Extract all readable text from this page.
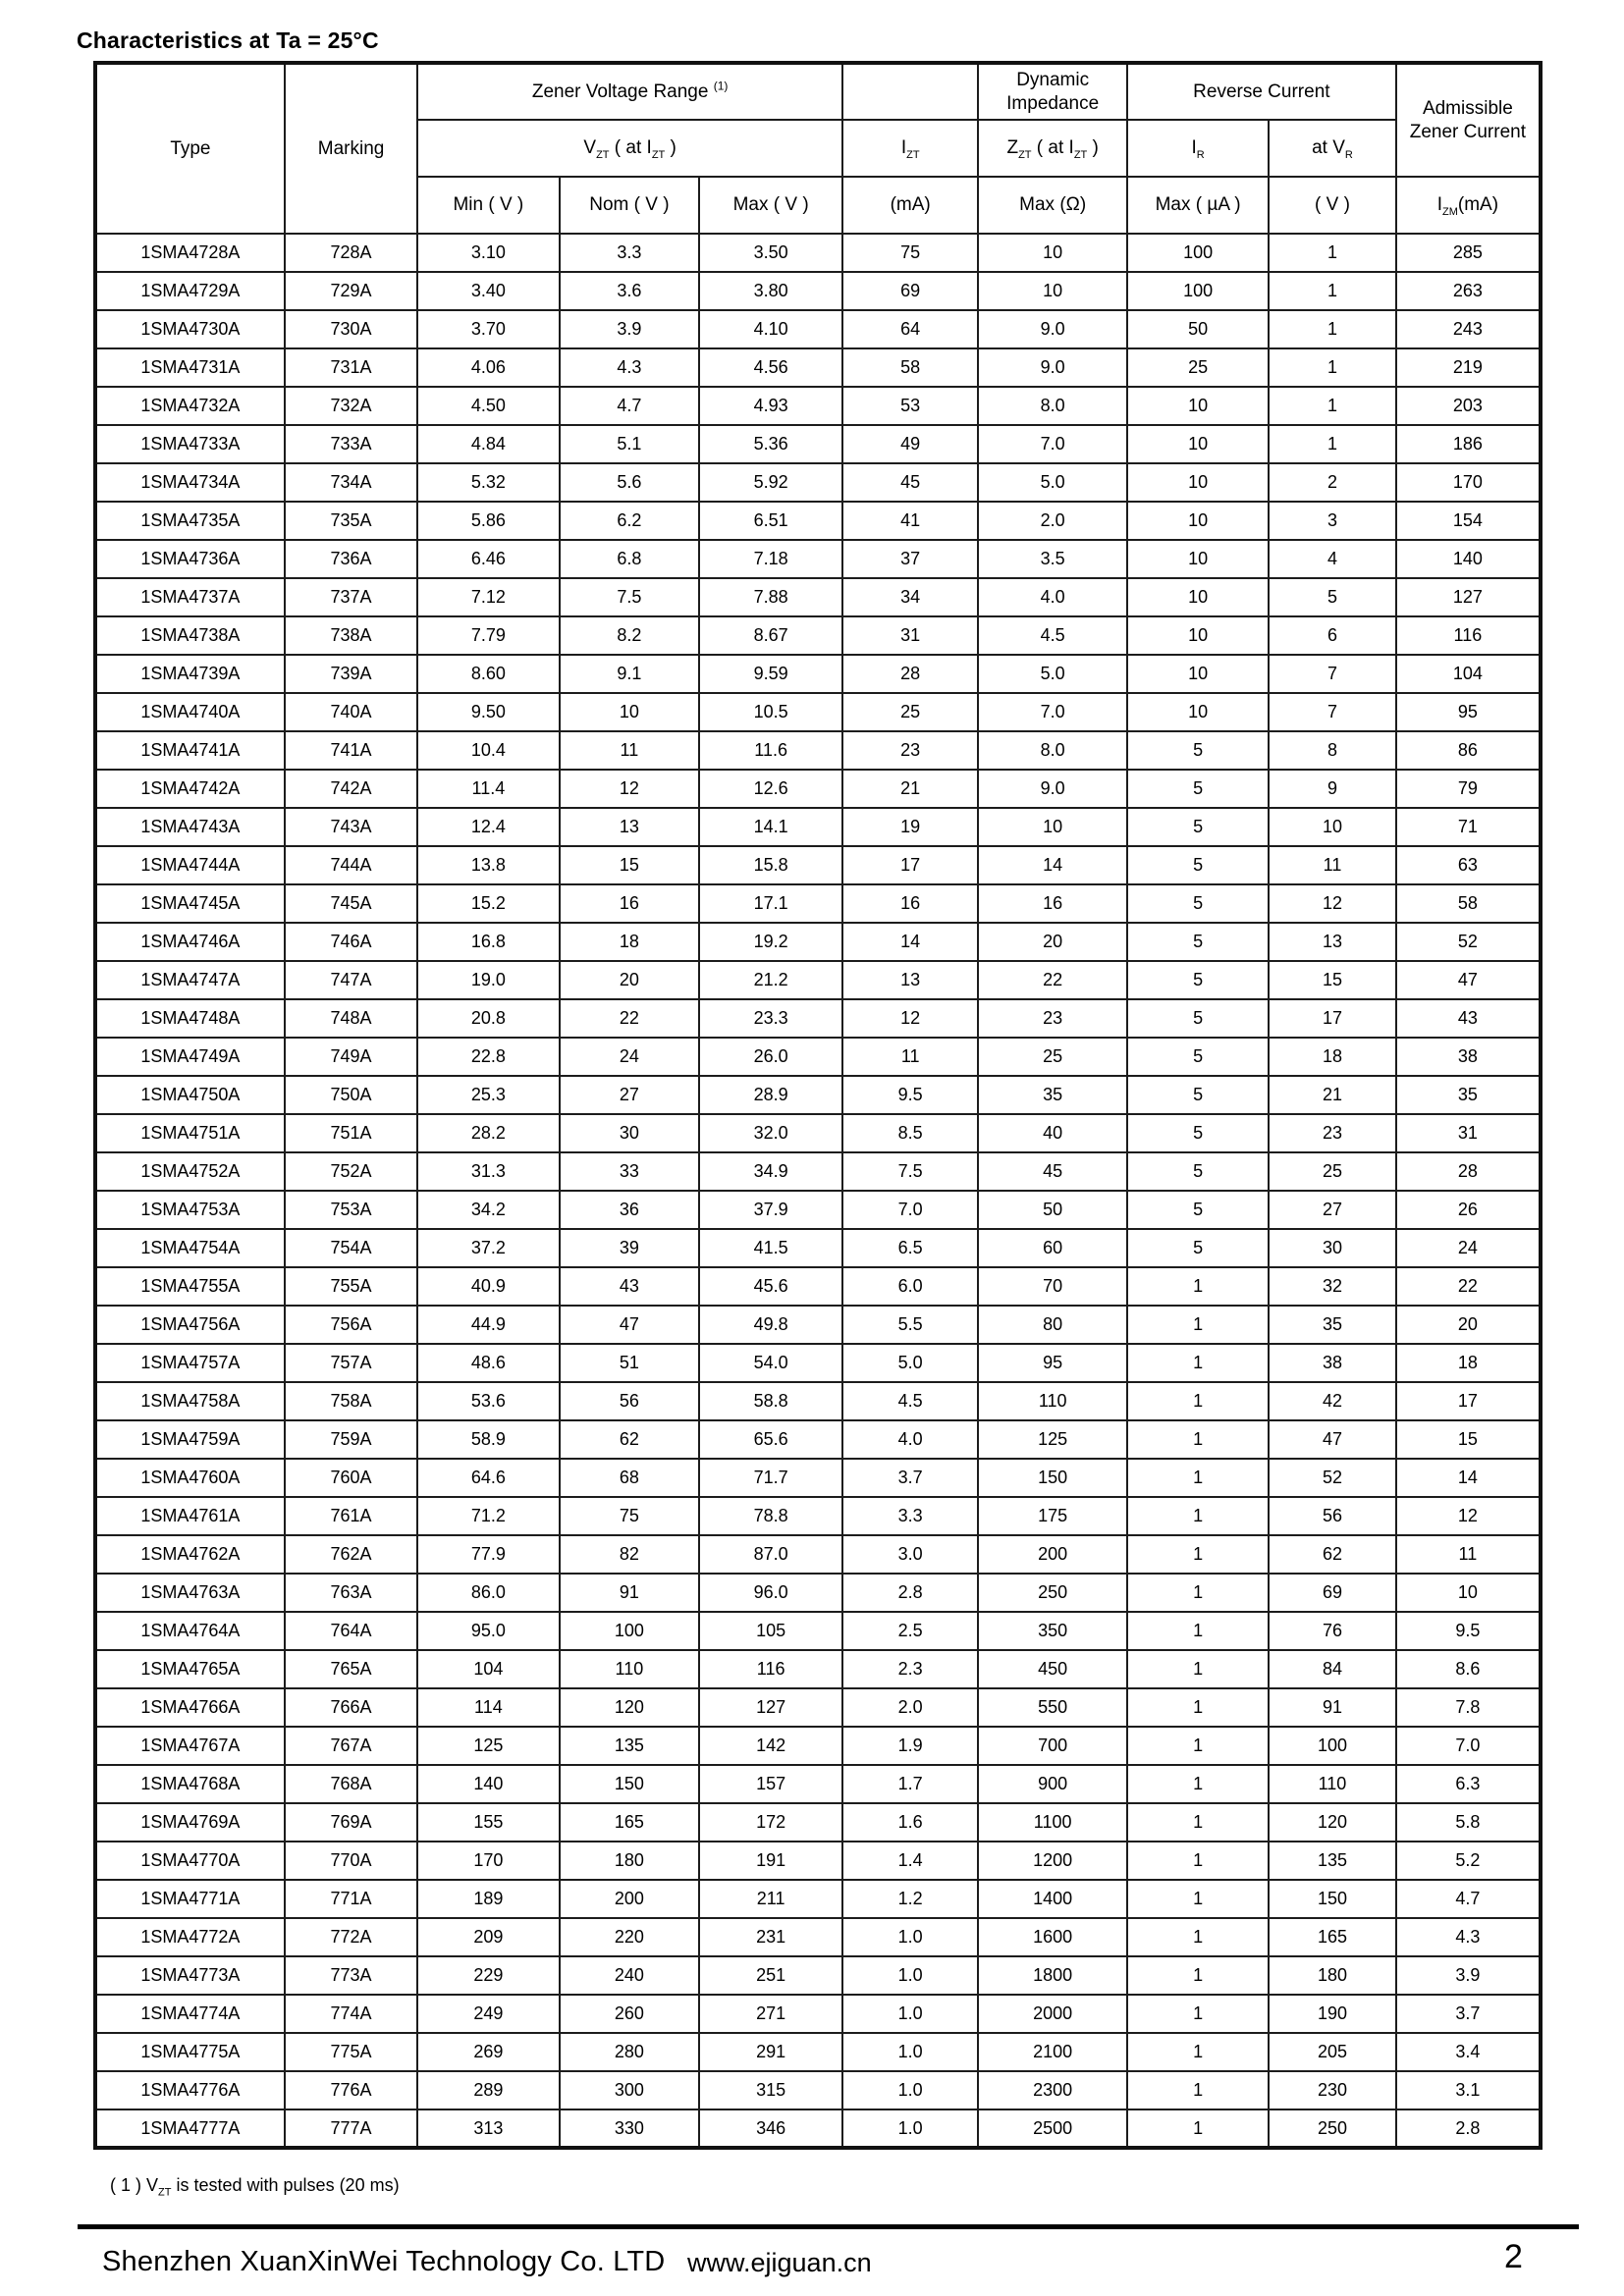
Characteristics at Ta = 25°C
Type	Marking	Zener Voltage Range $^{(1)}$				Dynamic
Impedance	Reverse Current		Admissible
Zener Current
		$V_{ZT}$ ( at $I_{ZT}$ )			$I_{ZT}$	$Z_{ZT}$ ( at $I_{ZT}$ )	$I_R$	at $V_R$
		Min ( V )	Nom ( V )	Max ( V )	(mA)	Max (Ω)	Max ( µA )	( V )	$I_{ZM}(mA)$
1SMA4728A	728A	3.10	3.3	3.50	75	10	100	1	285
1SMA4729A	729A	3.40	3.6	3.80	69	10	100	1	263
1SMA4730A	730A	3.70	3.9	4.10	64	9.0	50	1	243
1SMA4731A	731A	4.06	4.3	4.56	58	9.0	25	1	219
1SMA4732A	732A	4.50	4.7	4.93	53	8.0	10	1	203
1SMA4733A	733A	4.84	5.1	5.36	49	7.0	10	1	186
1SMA4734A	734A	5.32	5.6	5.92	45	5.0	10	2	170
1SMA4735A	735A	5.86	6.2	6.51	41	2.0	10	3	154
1SMA4736A	736A	6.46	6.8	7.18	37	3.5	10	4	140
1SMA4737A	737A	7.12	7.5	7.88	34	4.0	10	5	127
1SMA4738A	738A	7.79	8.2	8.67	31	4.5	10	6	116
1SMA4739A	739A	8.60	9.1	9.59	28	5.0	10	7	104
1SMA4740A	740A	9.50	10	10.5	25	7.0	10	7	95
1SMA4741A	741A	10.4	11	11.6	23	8.0	5	8	86
1SMA4742A	742A	11.4	12	12.6	21	9.0	5	9	79
1SMA4743A	743A	12.4	13	14.1	19	10	5	10	71
1SMA4744A	744A	13.8	15	15.8	17	14	5	11	63
1SMA4745A	745A	15.2	16	17.1	16	16	5	12	58
1SMA4746A	746A	16.8	18	19.2	14	20	5	13	52
1SMA4747A	747A	19.0	20	21.2	13	22	5	15	47
1SMA4748A	748A	20.8	22	23.3	12	23	5	17	43
1SMA4749A	749A	22.8	24	26.0	11	25	5	18	38
1SMA4750A	750A	25.3	27	28.9	9.5	35	5	21	35
1SMA4751A	751A	28.2	30	32.0	8.5	40	5	23	31
1SMA4752A	752A	31.3	33	34.9	7.5	45	5	25	28
1SMA4753A	753A	34.2	36	37.9	7.0	50	5	27	26
1SMA4754A	754A	37.2	39	41.5	6.5	60	5	30	24
1SMA4755A	755A	40.9	43	45.6	6.0	70	1	32	22
1SMA4756A	756A	44.9	47	49.8	5.5	80	1	35	20
1SMA4757A	757A	48.6	51	54.0	5.0	95	1	38	18
1SMA4758A	758A	53.6	56	58.8	4.5	110	1	42	17
1SMA4759A	759A	58.9	62	65.6	4.0	125	1	47	15
1SMA4760A	760A	64.6	68	71.7	3.7	150	1	52	14
1SMA4761A	761A	71.2	75	78.8	3.3	175	1	56	12
1SMA4762A	762A	77.9	82	87.0	3.0	200	1	62	11
1SMA4763A	763A	86.0	91	96.0	2.8	250	1	69	10
1SMA4764A	764A	95.0	100	105	2.5	350	1	76	9.5
1SMA4765A	765A	104	110	116	2.3	450	1	84	8.6
1SMA4766A	766A	114	120	127	2.0	550	1	91	7.8
1SMA4767A	767A	125	135	142	1.9	700	1	100	7.0
1SMA4768A	768A	140	150	157	1.7	900	1	110	6.3
1SMA4769A	769A	155	165	172	1.6	1100	1	120	5.8
1SMA4770A	770A	170	180	191	1.4	1200	1	135	5.2
1SMA4771A	771A	189	200	211	1.2	1400	1	150	4.7
1SMA4772A	772A	209	220	231	1.0	1600	1	165	4.3
1SMA4773A	773A	229	240	251	1.0	1800	1	180	3.9
1SMA4774A	774A	249	260	271	1.0	2000	1	190	3.7
1SMA4775A	775A	269	280	291	1.0	2100	1	205	3.4
1SMA4776A	776A	289	300	315	1.0	2300	1	230	3.1
1SMA4777A	777A	313	330	346	1.0	2500	1	250	2.8
( 1 ) $V_{ZT}$ is tested with pulses (20 ms)
Shenzhen XuanXinWei Technology Co. LTD www.ejiguan.cn	2
